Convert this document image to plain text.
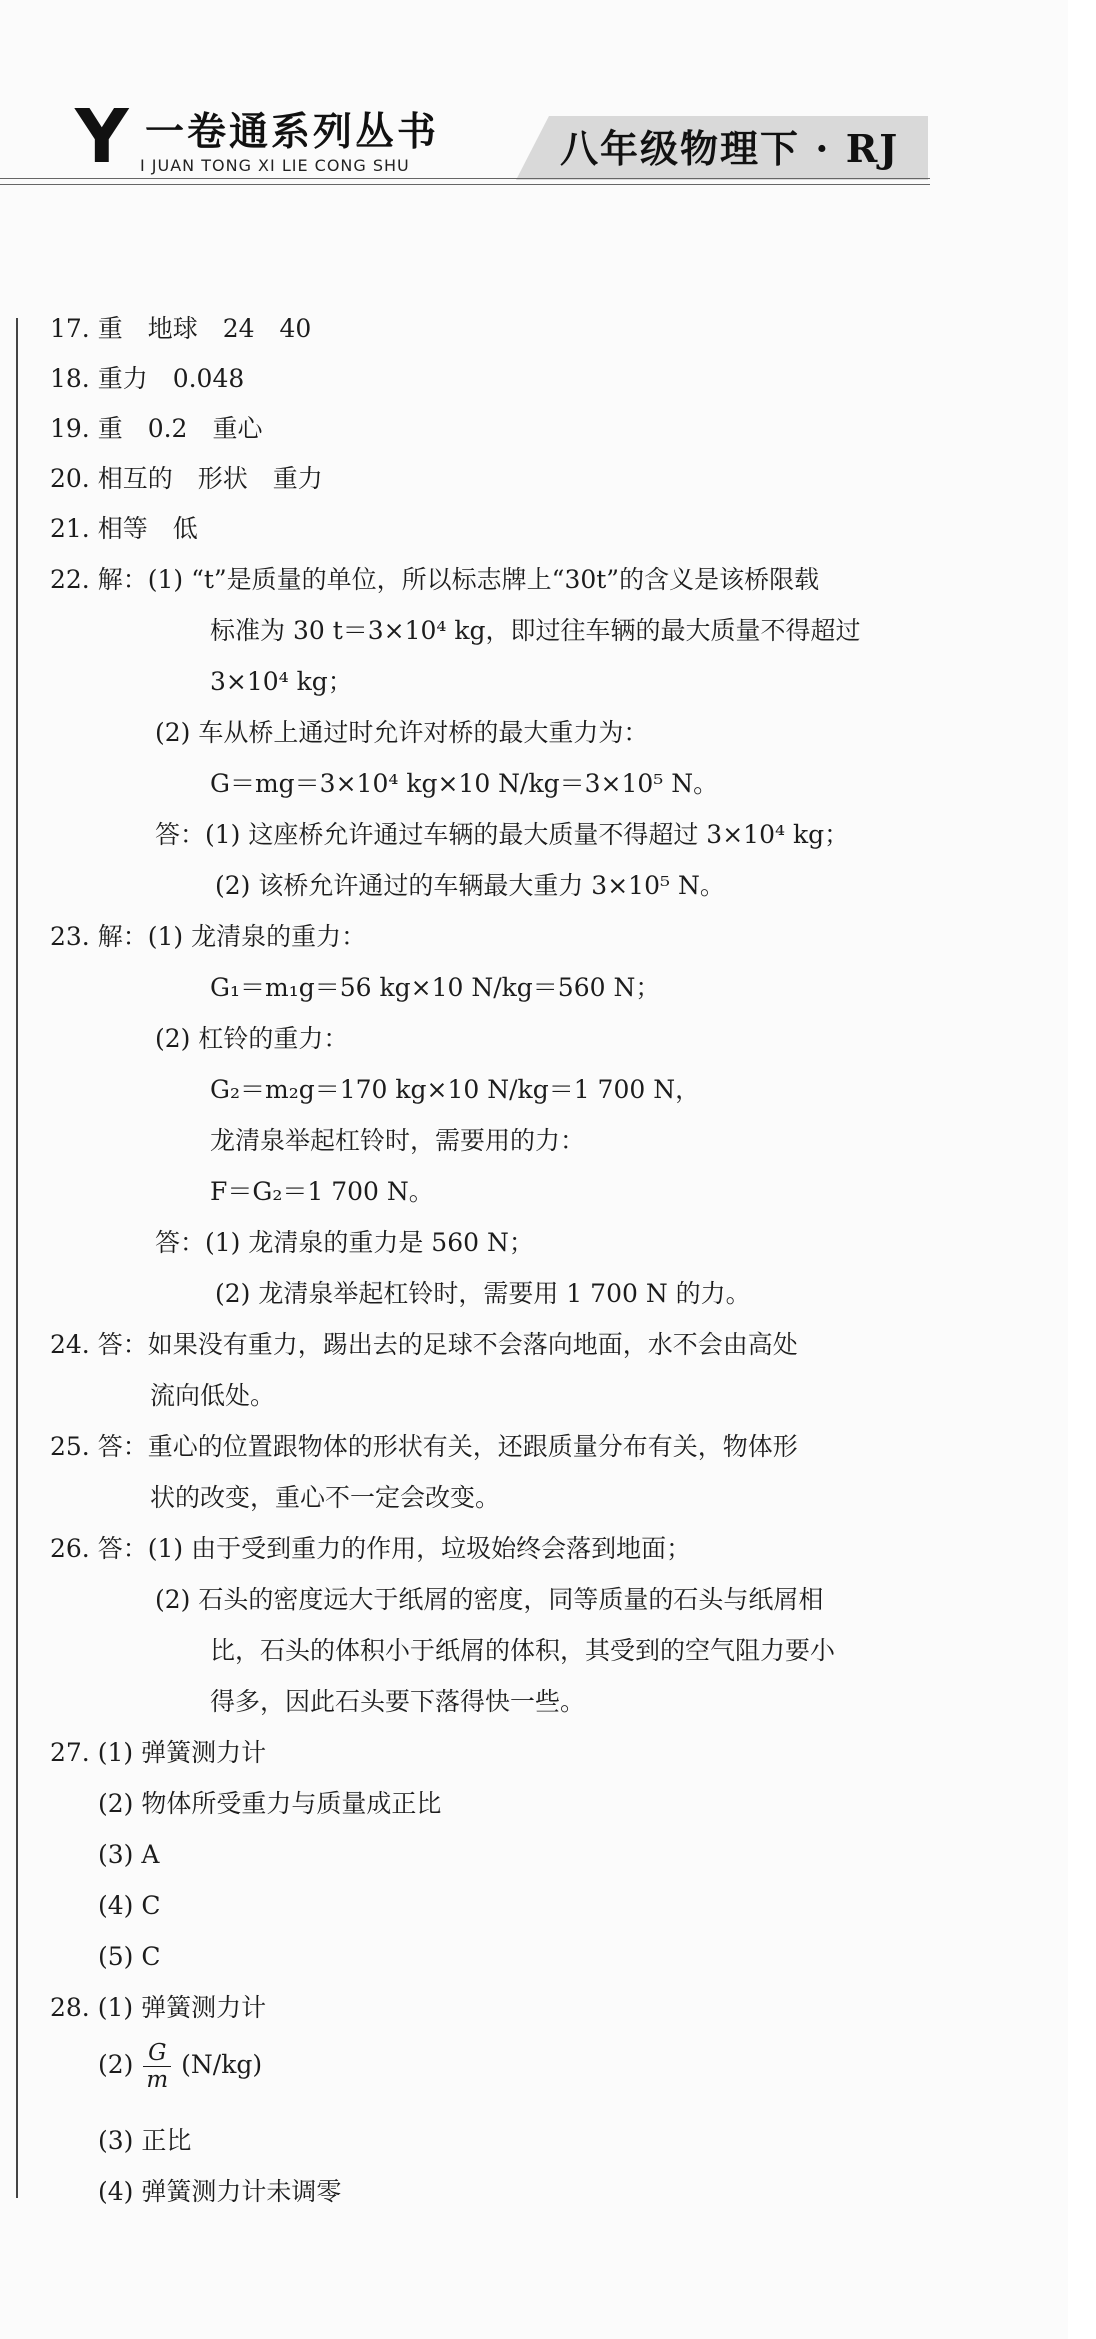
Y 一卷通系列丛书
I JUAN TONG XI LIE CONG SHU	八年级物理下 · RJ
17. 重　地球　24　40
18. 重力　0.048
19. 重　0.2　重心
20. 相互的　形状　重力
21. 相等　低
22. 解：(1) “t”是质量的单位，所以标志牌上“30t”的含义是该桥限载
标准为 30 t＝3×10⁴ kg，即过往车辆的最大质量不得超过
3×10⁴ kg；
(2) 车从桥上通过时允许对桥的最大重力为：
G＝mg＝3×10⁴ kg×10 N/kg＝3×10⁵ N。
答：(1) 这座桥允许通过车辆的最大质量不得超过 3×10⁴ kg；
(2) 该桥允许通过的车辆最大重力 3×10⁵ N。
23. 解：(1) 龙清泉的重力：
G₁＝m₁g＝56 kg×10 N/kg＝560 N；
(2) 杠铃的重力：
G₂＝m₂g＝170 kg×10 N/kg＝1 700 N，
龙清泉举起杠铃时，需要用的力：
F＝G₂＝1 700 N。
答：(1) 龙清泉的重力是 560 N；
(2) 龙清泉举起杠铃时，需要用 1 700 N 的力。
24. 答：如果没有重力，踢出去的足球不会落向地面，水不会由高处
流向低处。
25. 答：重心的位置跟物体的形状有关，还跟质量分布有关，物体形
状的改变，重心不一定会改变。
26. 答：(1) 由于受到重力的作用，垃圾始终会落到地面；
(2) 石头的密度远大于纸屑的密度，同等质量的石头与纸屑相
比，石头的体积小于纸屑的体积，其受到的空气阻力要小
得多，因此石头要下落得快一些。
27. (1) 弹簧测力计
(2) 物体所受重力与质量成正比
(3) A
(4) C
(5) C
28. (1) 弹簧测力计
$(2) \frac{G}{m} (N/kg)$
(3) 正比
(4) 弹簧测力计未调零
